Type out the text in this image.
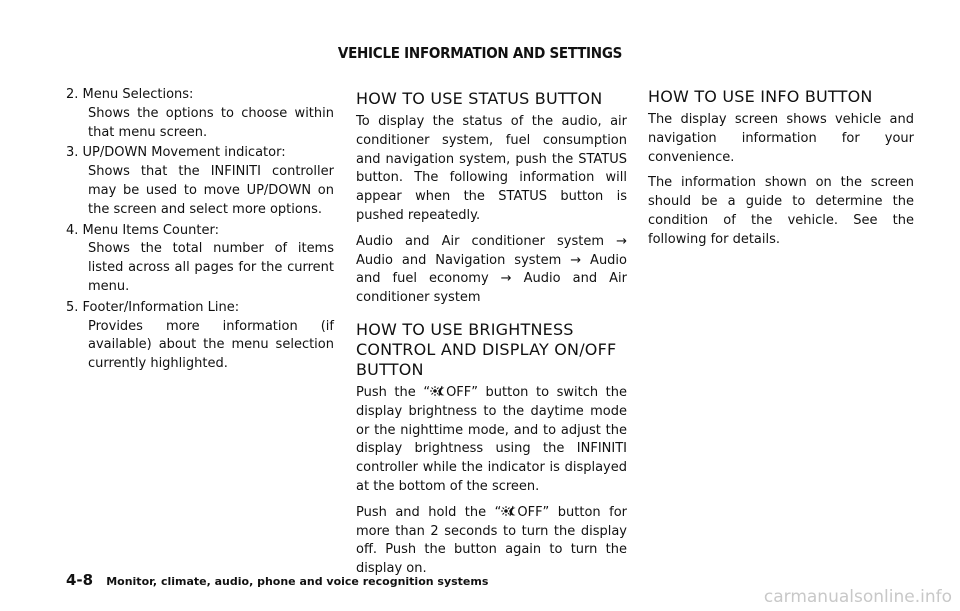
VEHICLE INFORMATION AND SETTINGS
2. Menu Selections:
Shows the options to choose within that menu screen.
3. UP/DOWN Movement indicator:
Shows that the INFINITI controller may be used to move UP/DOWN on the screen and select more options.
4. Menu Items Counter:
Shows the total number of items listed across all pages for the current menu.
5. Footer/Information Line:
Provides more information (if available) about the menu selection currently highlighted.
HOW TO USE STATUS BUTTON

To display the status of the audio, air conditioner system, fuel consumption and navigation system, push the STATUS button. The following information will appear when the STATUS button is pushed repeatedly.

Audio and Air conditioner system → Audio and Navigation system → Audio and fuel economy → Audio and Air conditioner system

HOW TO USE BRIGHTNESS CONTROL AND DISPLAY ON/OFF BUTTON

Push the “ OFF” button to switch the display brightness to the daytime mode or the nighttime mode, and to adjust the display brightness using the INFINITI controller while the indicator is displayed at the bottom of the screen.

Push and hold the “ OFF” button for more than 2 seconds to turn the display off. Push the button again to turn the display on.

HOW TO USE INFO BUTTON

The display screen shows vehicle and navigation information for your convenience.

The information shown on the screen should be a guide to determine the condition of the vehicle. See the following for details.

4-8 Monitor, climate, audio, phone and voice recognition systems
carmanualsonline.info
